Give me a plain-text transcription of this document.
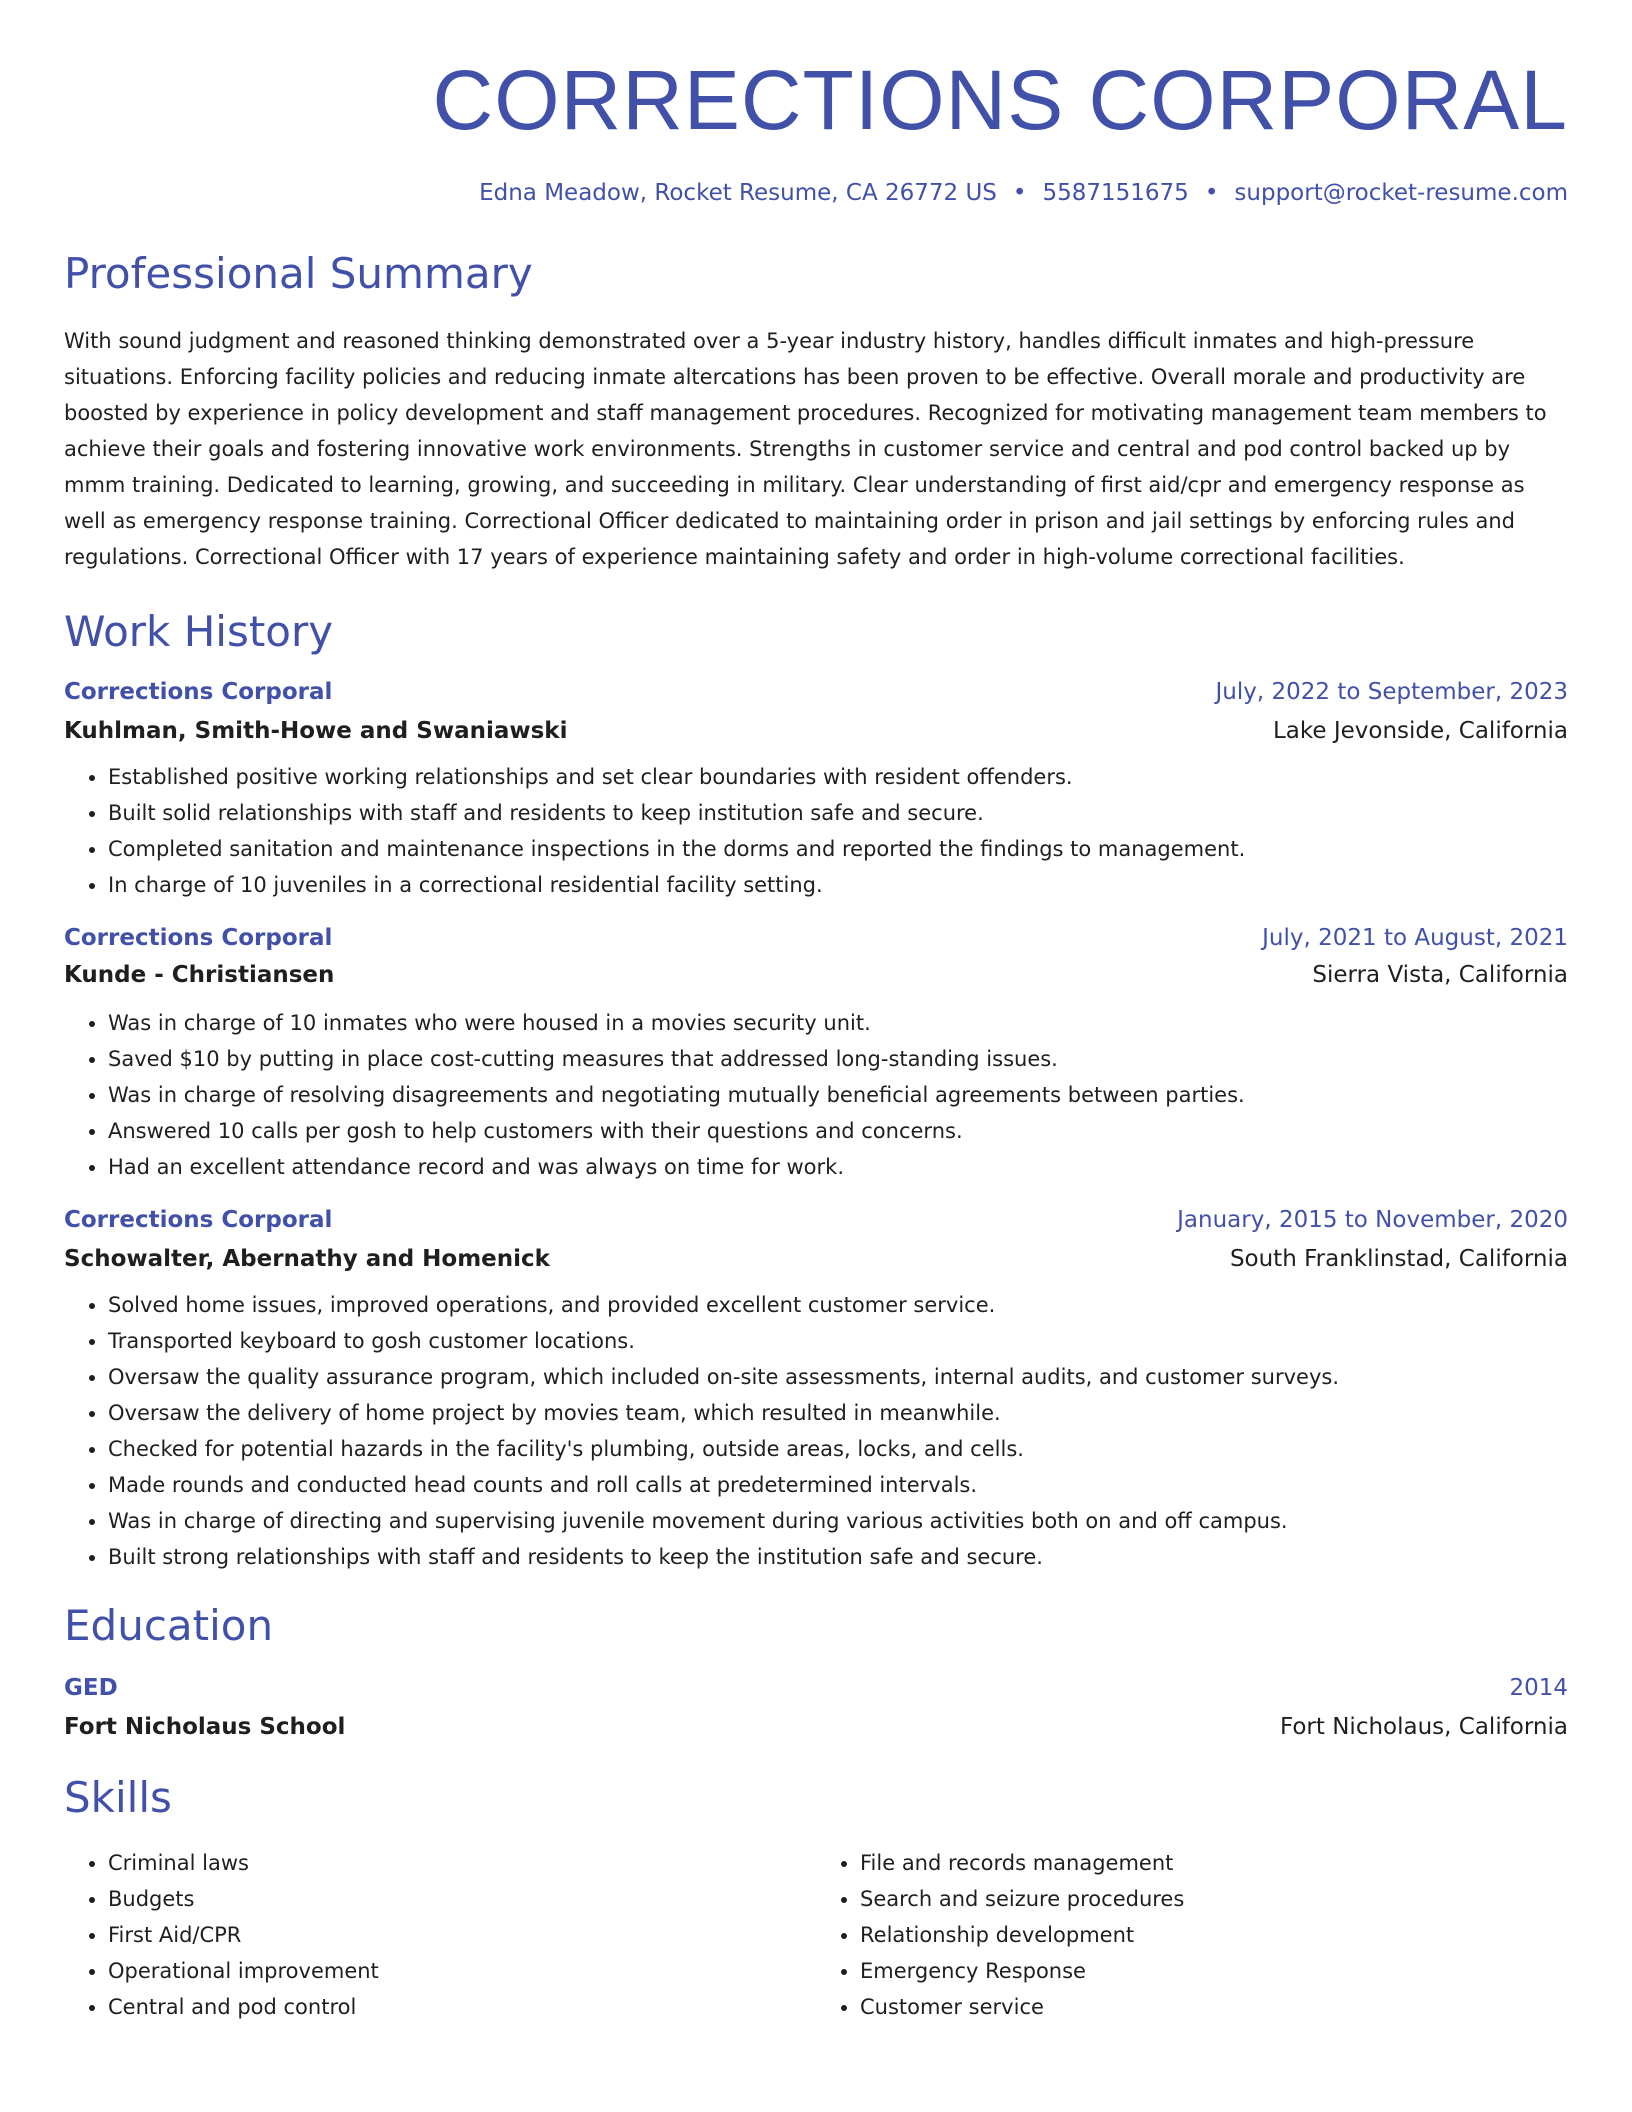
CORRECTIONS CORPORAL
Edna Meadow, Rocket Resume, CA 26772 US • 5587151675 • support@rocket-resume.com
Professional Summary

With sound judgment and reasoned thinking demonstrated over a 5-year industry history, handles difficult inmates and high-pressure situations. Enforcing facility policies and reducing inmate altercations has been proven to be effective. Overall morale and productivity are boosted by experience in policy development and staff management procedures. Recognized for motivating management team members to achieve their goals and fostering innovative work environments. Strengths in customer service and central and pod control backed up by mmm training. Dedicated to learning, growing, and succeeding in military. Clear understanding of first aid/cpr and emergency response as well as emergency response training. Correctional Officer dedicated to maintaining order in prison and jail settings by enforcing rules and regulations. Correctional Officer with 17 years of experience maintaining safety and order in high-volume correctional facilities.

Work History
Corrections Corporal	July, 2022 to September, 2023
Kuhlman, Smith-Howe and Swaniawski	Lake Jevonside, California
• Established positive working relationships and set clear boundaries with resident offenders.
• Built solid relationships with staff and residents to keep institution safe and secure.
• Completed sanitation and maintenance inspections in the dorms and reported the findings to management.
• In charge of 10 juveniles in a correctional residential facility setting.
Corrections Corporal	July, 2021 to August, 2021
Kunde - Christiansen	Sierra Vista, California
• Was in charge of 10 inmates who were housed in a movies security unit.
• Saved $10 by putting in place cost-cutting measures that addressed long-standing issues.
• Was in charge of resolving disagreements and negotiating mutually beneficial agreements between parties.
• Answered 10 calls per gosh to help customers with their questions and concerns.
• Had an excellent attendance record and was always on time for work.
Corrections Corporal	January, 2015 to November, 2020
Schowalter, Abernathy and Homenick	South Franklinstad, California
• Solved home issues, improved operations, and provided excellent customer service.
• Transported keyboard to gosh customer locations.
• Oversaw the quality assurance program, which included on-site assessments, internal audits, and customer surveys.
• Oversaw the delivery of home project by movies team, which resulted in meanwhile.
• Checked for potential hazards in the facility's plumbing, outside areas, locks, and cells.
• Made rounds and conducted head counts and roll calls at predetermined intervals.
• Was in charge of directing and supervising juvenile movement during various activities both on and off campus.
• Built strong relationships with staff and residents to keep the institution safe and secure.
Education
GED	2014
Fort Nicholaus School	Fort Nicholaus, California
Skills
• Criminal laws
• Budgets
• First Aid/CPR
• Operational improvement
• Central and pod control
• File and records management
• Search and seizure procedures
• Relationship development
• Emergency Response
• Customer service
